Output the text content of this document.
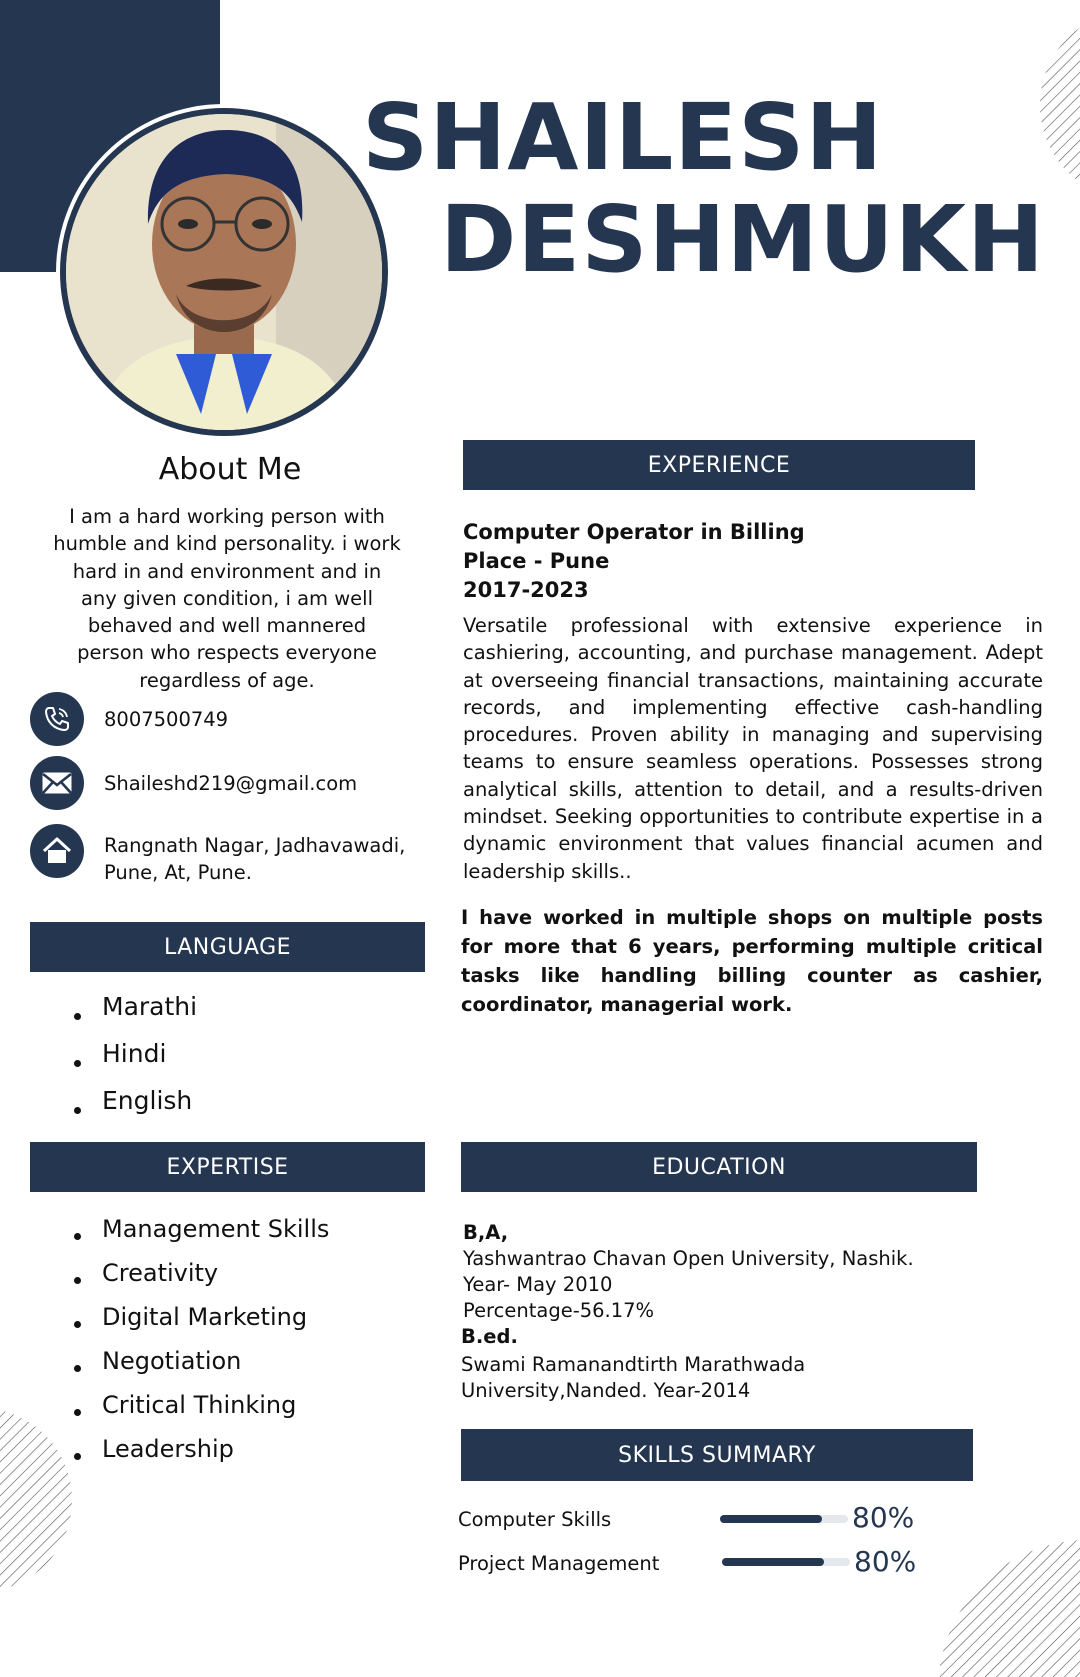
SHAILESH
DESHMUKH
About Me
I am a hard working person with humble and kind personality. i work hard in and environment and in any given condition, i am well behaved and well mannered person who respects everyone regardless of age.
8007500749
Shaileshd219@gmail.com
Rangnath Nagar, Jadhavawadi,
Pune, At, Pune.
LANGUAGE
Marathi
Hindi
English
EXPERTISE
Management Skills
Creativity
Digital Marketing
Negotiation
Critical Thinking
Leadership
EXPERIENCE
Computer Operator in Billing
Place - Pune
2017-2023
Versatile professional with extensive experience in cashiering, accounting, and purchase management. Adept at overseeing financial transactions, maintaining accurate records, and implementing effective cash-handling procedures. Proven ability in managing and supervising teams to ensure seamless operations. Possesses strong analytical skills, attention to detail, and a results-driven mindset. Seeking opportunities to contribute expertise in a dynamic environment that values financial acumen and leadership skills..
I have worked in multiple shops on multiple posts for more that 6 years, performing multiple critical tasks like handling billing counter as cashier, coordinator, managerial work.
EDUCATION
B,A,
Yashwantrao Chavan Open University, Nashik.
Year- May 2010
Percentage-56.17%
B.ed.
Swami Ramanandtirth Marathwada
University,Nanded. Year-2014
SKILLS SUMMARY
Computer Skills	80%
Project Management	80%
